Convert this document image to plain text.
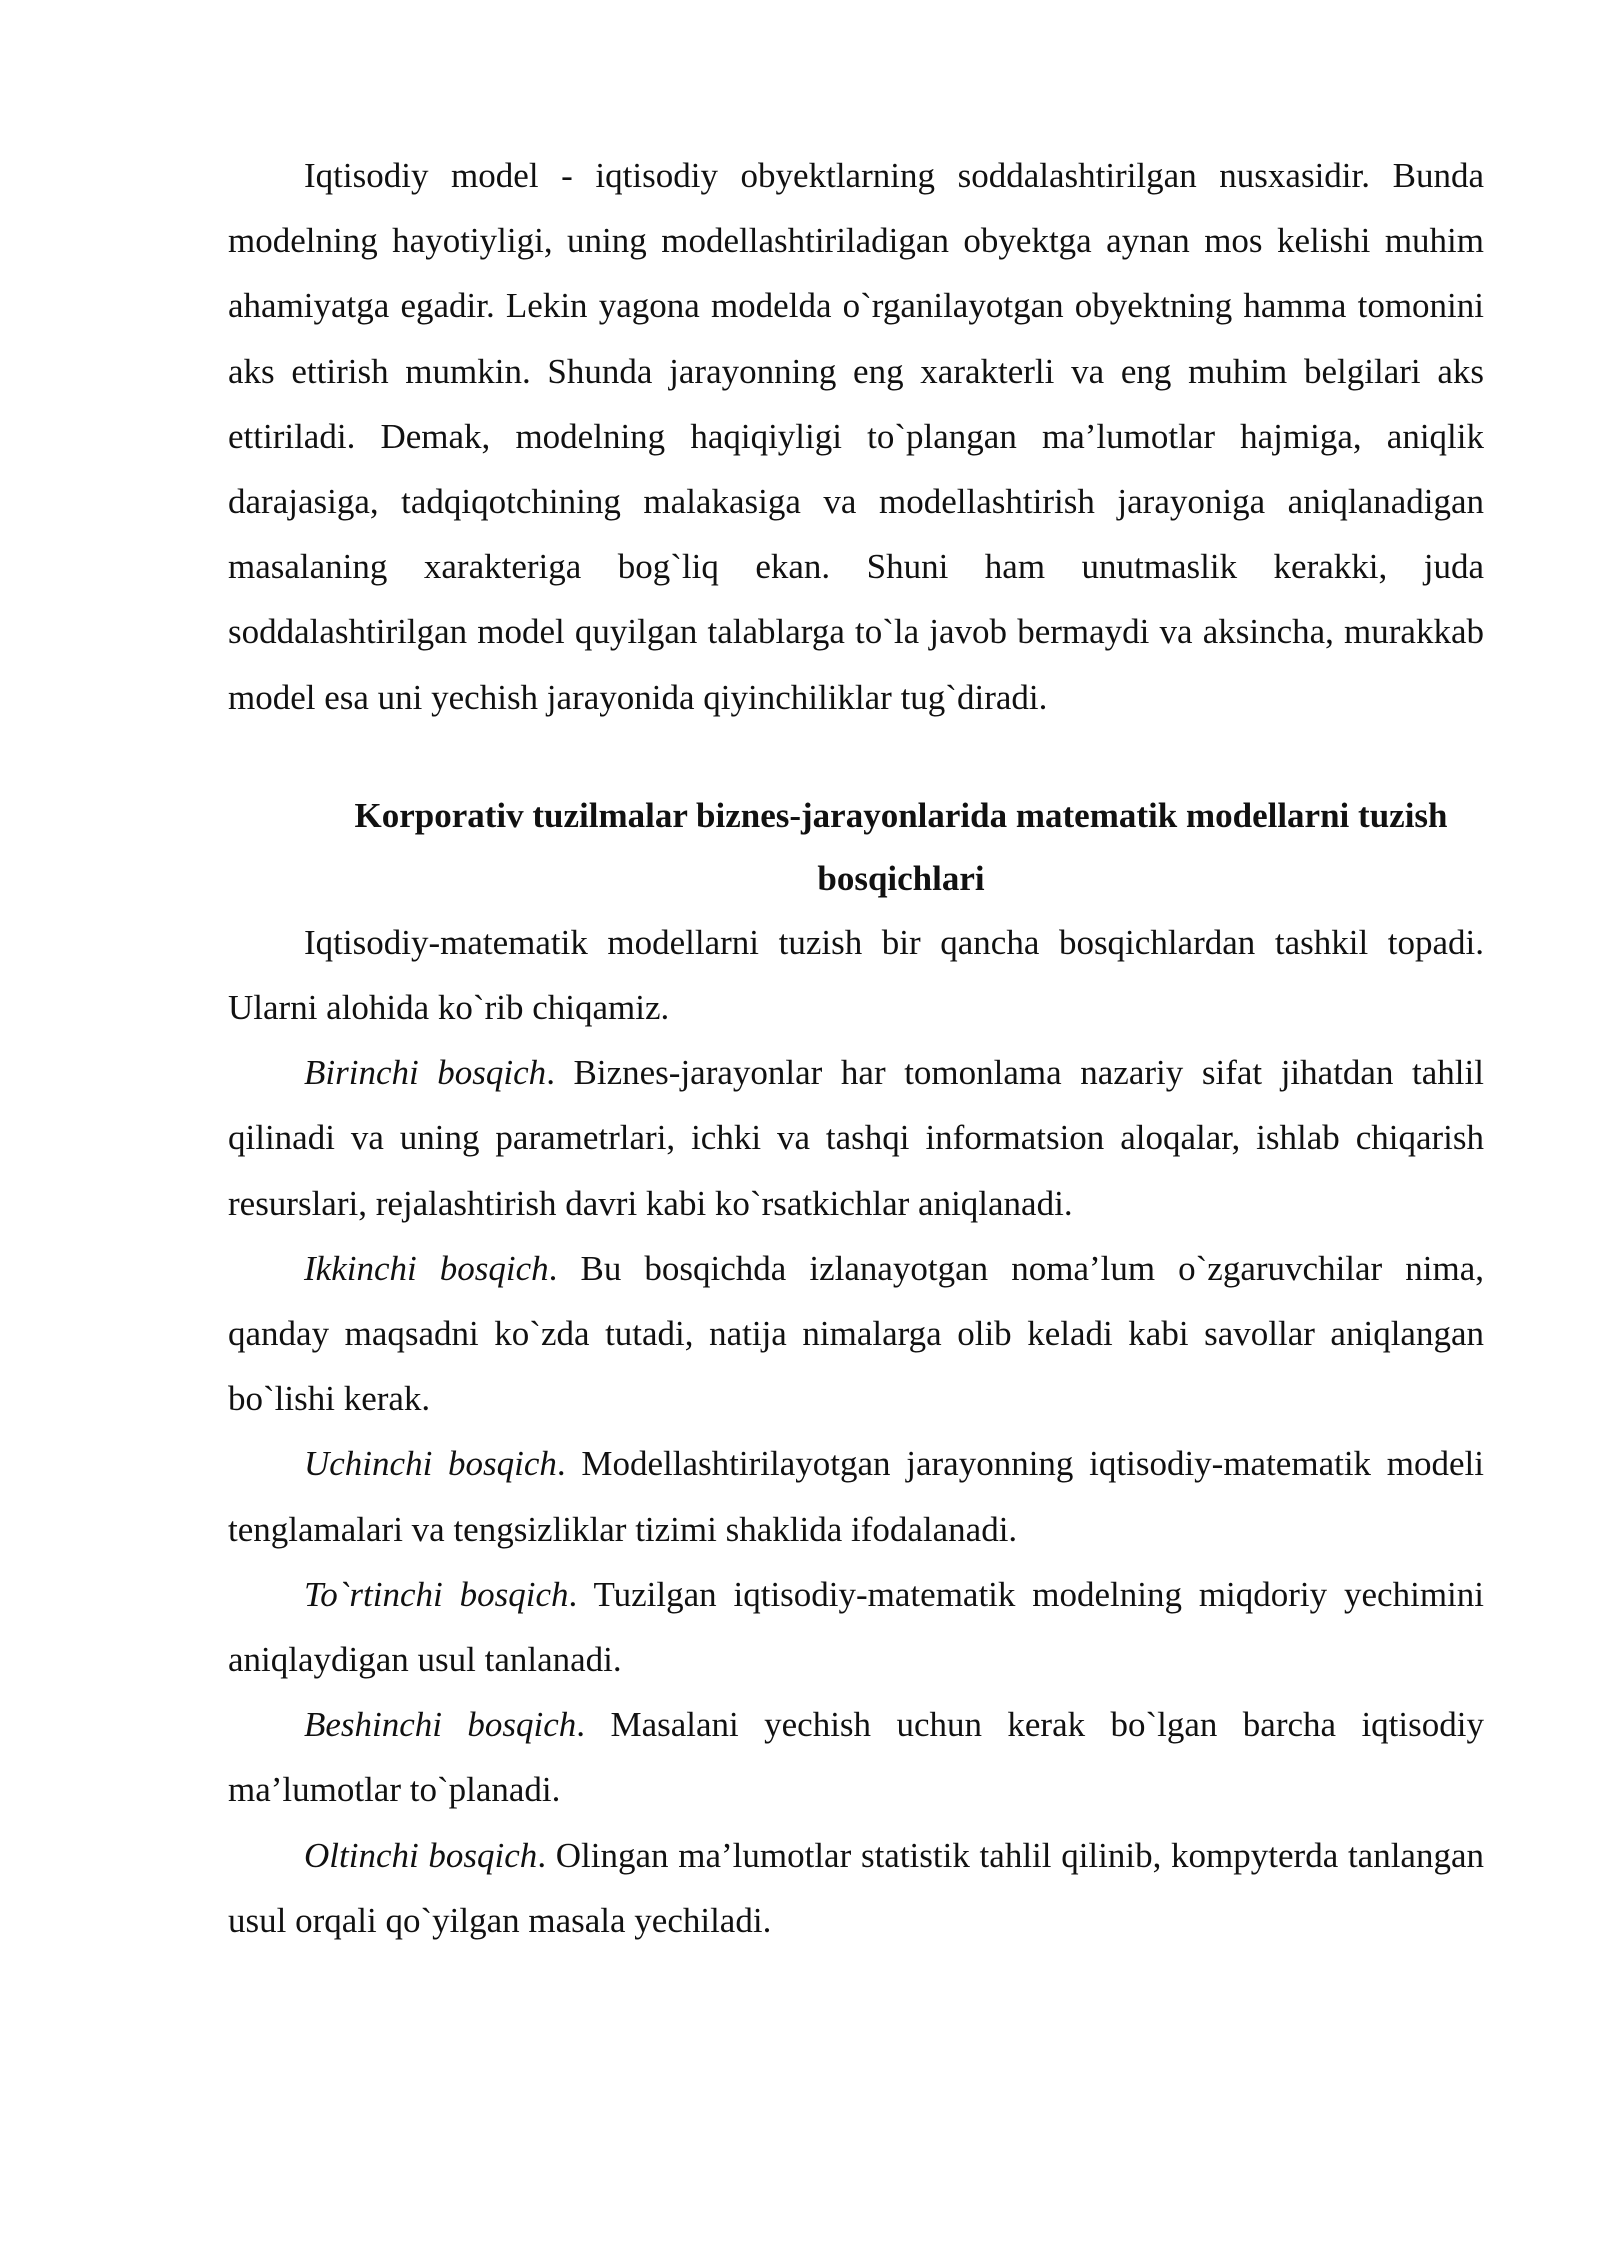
Iqtisodiy model - iqtisodiy obyektlarning soddalashtirilgan nusxasidir. Bunda modelning hayotiyligi, uning modellashtiriladigan obyektga aynan mos kelishi muhim ahamiyatga egadir. Lekin yagona modelda o`rganilayotgan obyektning hamma tomonini aks ettirish mumkin. Shunda jarayonning eng xarakterli va eng muhim belgilari aks ettiriladi. Demak, modelning haqiqiyligi to`plangan ma’lumotlar hajmiga, aniqlik darajasiga, tadqiqotchining malakasiga va modellashtirish jarayoniga aniqlanadigan masalaning xarakteriga bog`liq ekan. Shuni ham unutmaslik kerakki, juda soddalashtirilgan model quyilgan talablarga to`la javob bermaydi va aksincha, murakkab model esa uni yechish jarayonida qiyinchiliklar tug`diradi.

Korporativ tuzilmalar biznes-jarayonlarida matematik modellarni tuzish bosqichlari

Iqtisodiy-matematik modellarni tuzish bir qancha bosqichlardan tashkil topadi. Ularni alohida ko`rib chiqamiz.

Birinchi bosqich. Biznes-jarayonlar har tomonlama nazariy sifat jihatdan tahlil qilinadi va uning parametrlari, ichki va tashqi informatsion aloqalar, ishlab chiqarish resurslari, rejalashtirish davri kabi ko`rsatkichlar aniqlanadi.

Ikkinchi bosqich. Bu bosqichda izlanayotgan noma’lum o`zgaruvchilar nima, qanday maqsadni ko`zda tutadi, natija nimalarga olib keladi kabi savollar aniqlangan bo`lishi kerak.

Uchinchi bosqich. Modellashtirilayotgan jarayonning iqtisodiy-matematik modeli tenglamalari va tengsizliklar tizimi shaklida ifodalanadi.

To`rtinchi bosqich. Tuzilgan iqtisodiy-matematik modelning miqdoriy yechimini aniqlaydigan usul tanlanadi.

Beshinchi bosqich. Masalani yechish uchun kerak bo`lgan barcha iqtisodiy ma’lumotlar to`planadi.

Oltinchi bosqich. Olingan ma’lumotlar statistik tahlil qilinib, kompyterda tanlangan usul orqali qo`yilgan masala yechiladi.
